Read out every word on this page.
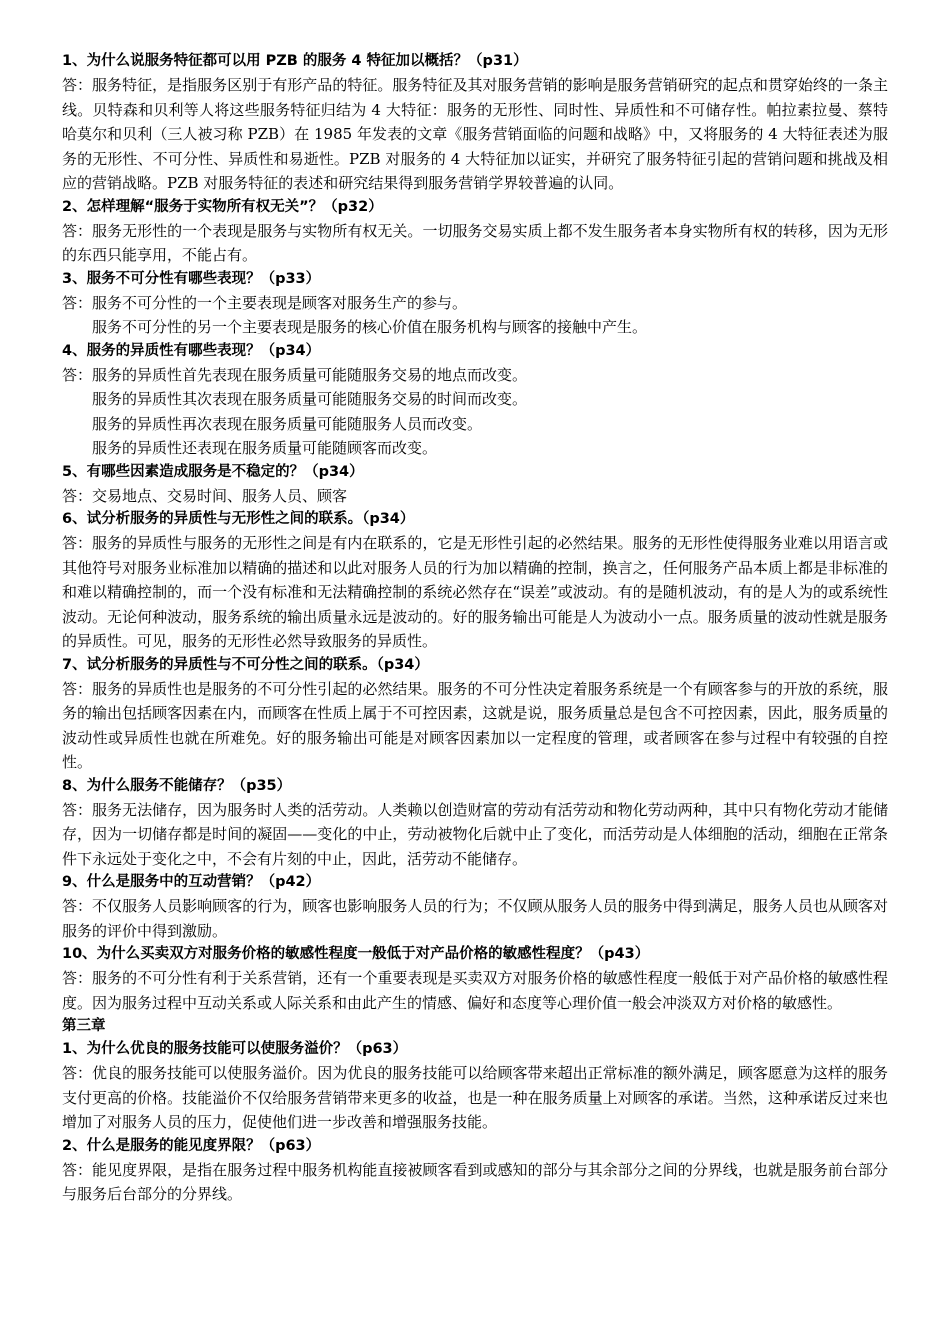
1、为什么说服务特征都可以用 PZB 的服务 4 特征加以概括？（p31）

答：服务特征，是指服务区别于有形产品的特征。服务特征及其对服务营销的影响是服务营销研究的起点和贯穿始终的一条主线。贝特森和贝利等人将这些服务特征归结为 4 大特征：服务的无形性、同时性、异质性和不可储存性。帕拉素拉曼、蔡特哈莫尔和贝利（三人被习称 PZB）在 1985 年发表的文章《服务营销面临的问题和战略》中，又将服务的 4 大特征表述为服务的无形性、不可分性、异质性和易逝性。PZB 对服务的 4 大特征加以证实，并研究了服务特征引起的营销问题和挑战及相应的营销战略。PZB 对服务特征的表述和研究结果得到服务营销学界较普遍的认同。

2、怎样理解“服务于实物所有权无关”？（p32）

答：服务无形性的一个表现是服务与实物所有权无关。一切服务交易实质上都不发生服务者本身实物所有权的转移，因为无形的东西只能享用，不能占有。

3、服务不可分性有哪些表现？（p33）

答：服务不可分性的一个主要表现是顾客对服务生产的参与。

服务不可分性的另一个主要表现是服务的核心价值在服务机构与顾客的接触中产生。

4、服务的异质性有哪些表现？（p34）

答：服务的异质性首先表现在服务质量可能随服务交易的地点而改变。

服务的异质性其次表现在服务质量可能随服务交易的时间而改变。

服务的异质性再次表现在服务质量可能随服务人员而改变。

服务的异质性还表现在服务质量可能随顾客而改变。

5、有哪些因素造成服务是不稳定的？（p34）

答：交易地点、交易时间、服务人员、顾客

6、试分析服务的异质性与无形性之间的联系。（p34）

答：服务的异质性与服务的无形性之间是有内在联系的，它是无形性引起的必然结果。服务的无形性使得服务业难以用语言或其他符号对服务业标准加以精确的描述和以此对服务人员的行为加以精确的控制，换言之，任何服务产品本质上都是非标准的和难以精确控制的，而一个没有标准和无法精确控制的系统必然存在“误差”或波动。有的是随机波动，有的是人为的或系统性波动。无论何种波动，服务系统的输出质量永远是波动的。好的服务输出可能是人为波动小一点。服务质量的波动性就是服务的异质性。可见，服务的无形性必然导致服务的异质性。

7、试分析服务的异质性与不可分性之间的联系。（p34）

答：服务的异质性也是服务的不可分性引起的必然结果。服务的不可分性决定着服务系统是一个有顾客参与的开放的系统，服务的输出包括顾客因素在内，而顾客在性质上属于不可控因素，这就是说，服务质量总是包含不可控因素，因此，服务质量的波动性或异质性也就在所难免。好的服务输出可能是对顾客因素加以一定程度的管理，或者顾客在参与过程中有较强的自控性。

8、为什么服务不能储存？（p35）

答：服务无法储存，因为服务时人类的活劳动。人类赖以创造财富的劳动有活劳动和物化劳动两种，其中只有物化劳动才能储存，因为一切储存都是时间的凝固——变化的中止，劳动被物化后就中止了变化，而活劳动是人体细胞的活动，细胞在正常条件下永远处于变化之中，不会有片刻的中止，因此，活劳动不能储存。

9、什么是服务中的互动营销？（p42）

答：不仅服务人员影响顾客的行为，顾客也影响服务人员的行为；不仅顾从服务人员的服务中得到满足，服务人员也从顾客对服务的评价中得到激励。

10、为什么买卖双方对服务价格的敏感性程度一般低于对产品价格的敏感性程度？（p43）

答：服务的不可分性有利于关系营销，还有一个重要表现是买卖双方对服务价格的敏感性程度一般低于对产品价格的敏感性程度。因为服务过程中互动关系或人际关系和由此产生的情感、偏好和态度等心理价值一般会冲淡双方对价格的敏感性。

第三章

1、为什么优良的服务技能可以使服务溢价？（p63）

答：优良的服务技能可以使服务溢价。因为优良的服务技能可以给顾客带来超出正常标准的额外满足，顾客愿意为这样的服务支付更高的价格。技能溢价不仅给服务营销带来更多的收益，也是一种在服务质量上对顾客的承诺。当然，这种承诺反过来也增加了对服务人员的压力，促使他们进一步改善和增强服务技能。

2、什么是服务的能见度界限？（p63）

答：能见度界限，是指在服务过程中服务机构能直接被顾客看到或感知的部分与其余部分之间的分界线，也就是服务前台部分与服务后台部分的分界线。
